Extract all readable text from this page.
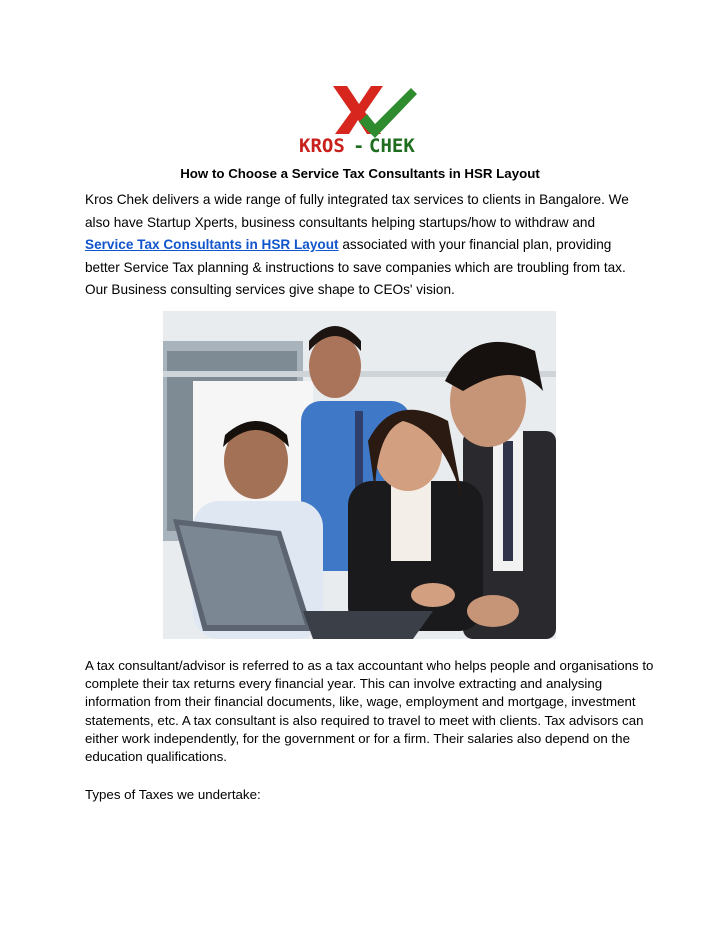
KROS - CHEK
How to Choose a Service Tax Consultants in HSR Layout

Kros Chek delivers a wide range of fully integrated tax services to clients in Bangalore. We also have Startup Xperts, business consultants helping startups/how to withdraw and Service Tax Consultants in HSR Layout associated with your financial plan, providing better Service Tax planning & instructions to save companies which are troubling from tax. Our Business consulting services give shape to CEOs' vision.

A tax consultant/advisor is referred to as a tax accountant who helps people and organisations to complete their tax returns every financial year. This can involve extracting and analysing information from their financial documents, like, wage, employment and mortgage, investment statements, etc. A tax consultant is also required to travel to meet with clients. Tax advisors can either work independently, for the government or for a firm. Their salaries also depend on the education qualifications.

Types of Taxes we undertake:
